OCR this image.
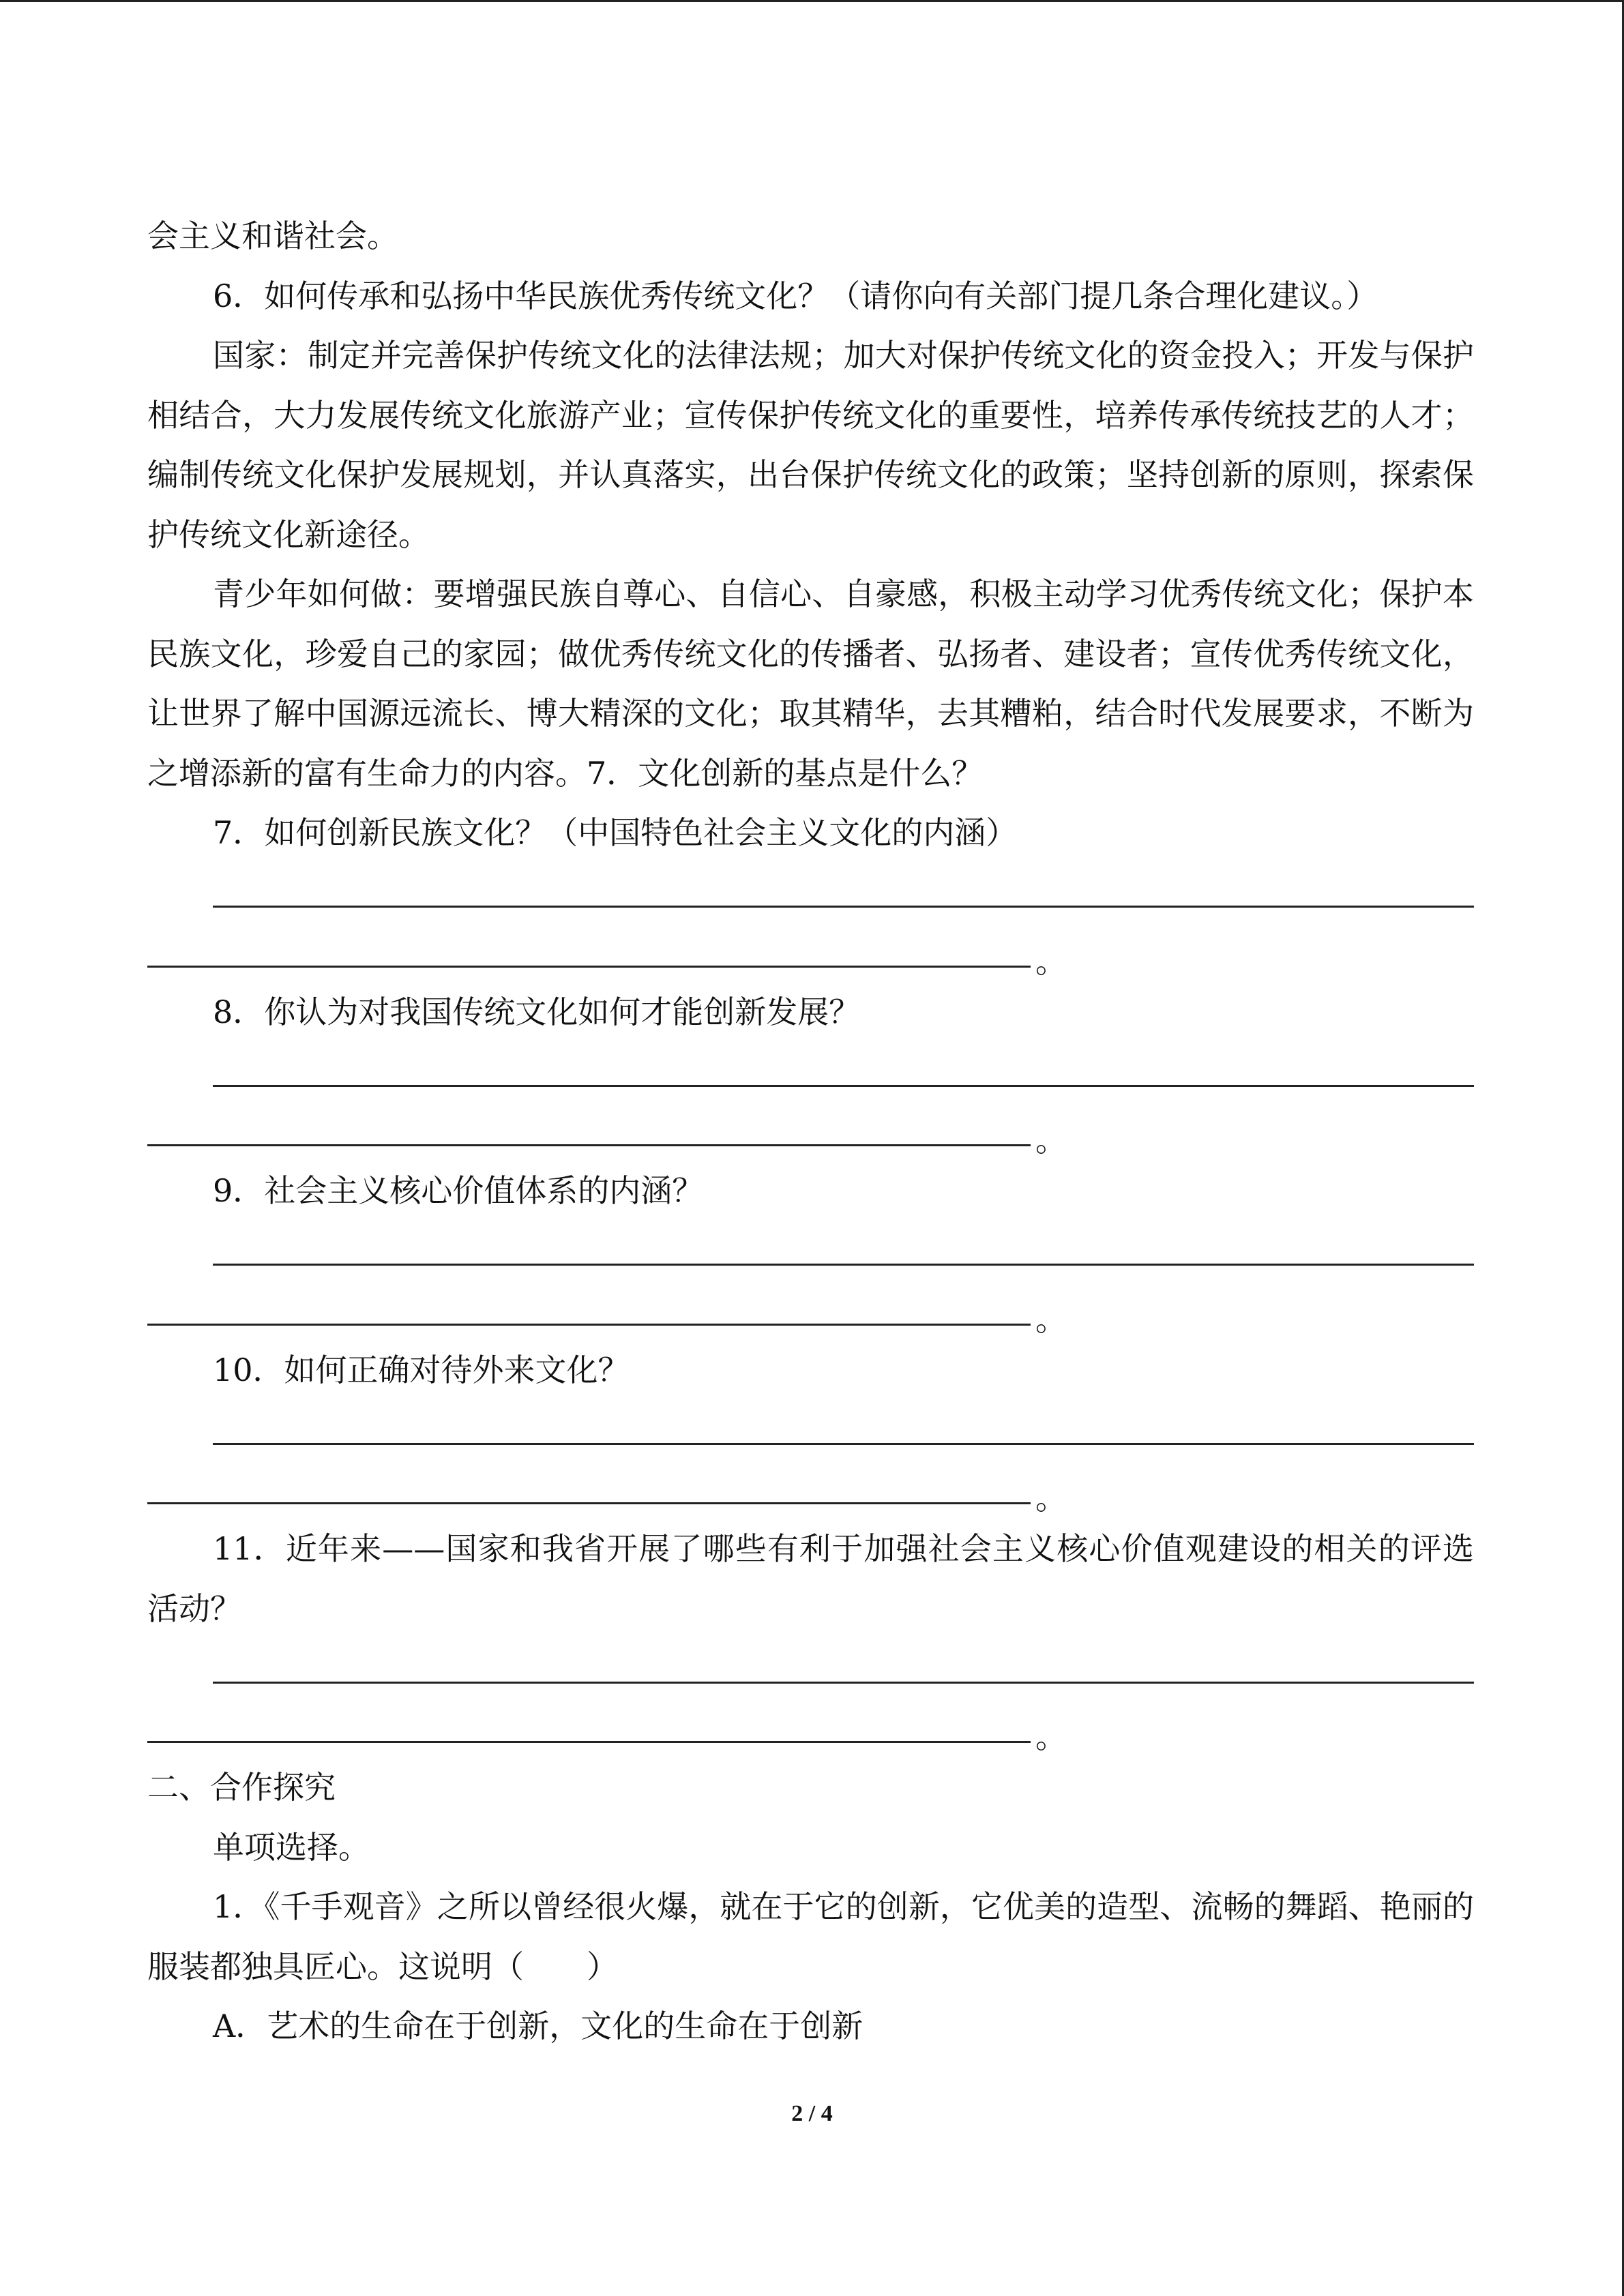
会主义和谐社会。

6．如何传承和弘扬中华民族优秀传统文化？（请你向有关部门提几条合理化建议。）

国家：制定并完善保护传统文化的法律法规；加大对保护传统文化的资金投入；开发与保护相结合，大力发展传统文化旅游产业；宣传保护传统文化的重要性，培养传承传统技艺的人才；编制传统文化保护发展规划，并认真落实，出台保护传统文化的政策；坚持创新的原则，探索保护传统文化新途径。

青少年如何做：要增强民族自尊心、自信心、自豪感，积极主动学习优秀传统文化；保护本民族文化，珍爱自己的家园；做优秀传统文化的传播者、弘扬者、建设者；宣传优秀传统文化，让世界了解中国源远流长、博大精深的文化；取其精华，去其糟粕，结合时代发展要求，不断为之增添新的富有生命力的内容。7．文化创新的基点是什么？

7．如何创新民族文化？（中国特色社会主义文化的内涵）

。

8．你认为对我国传统文化如何才能创新发展？

。

9．社会主义核心价值体系的内涵？

。

10．如何正确对待外来文化？

。

11．近年来——国家和我省开展了哪些有利于加强社会主义核心价值观建设的相关的评选活动？

。

二、合作探究

单项选择。

1．《千手观音》之所以曾经很火爆，就在于它的创新，它优美的造型、流畅的舞蹈、艳丽的服装都独具匠心。这说明（　　）

A．艺术的生命在于创新，文化的生命在于创新

2 / 4
